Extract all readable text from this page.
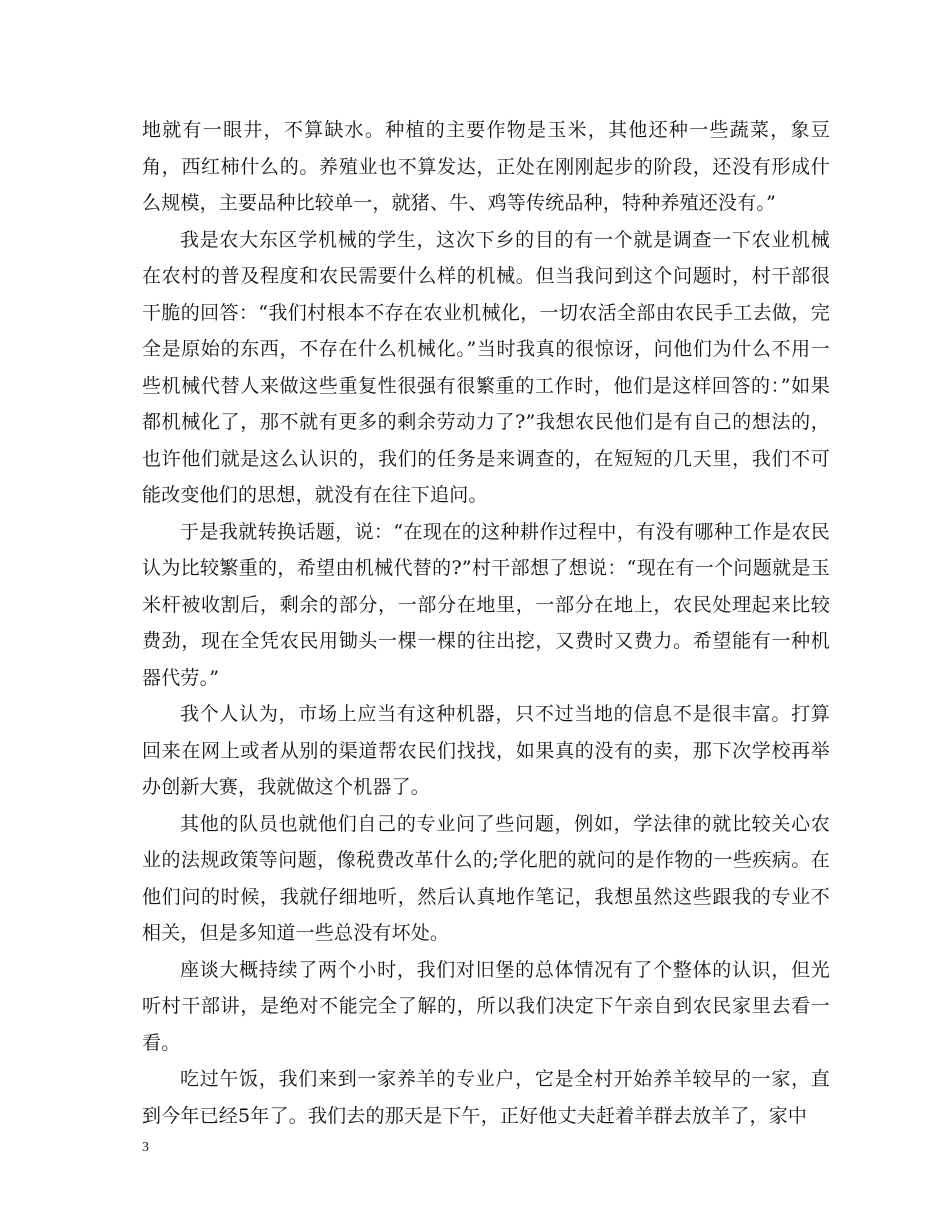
地就有一眼井，不算缺水。种植的主要作物是玉米，其他还种一些蔬菜，象豆角，西红柿什么的。养殖业也不算发达，正处在刚刚起步的阶段，还没有形成什么规模，主要品种比较单一，就猪、牛、鸡等传统品种，特种养殖还没有。”

我是农大东区学机械的学生，这次下乡的目的有一个就是调查一下农业机械在农村的普及程度和农民需要什么样的机械。但当我问到这个问题时，村干部很干脆的回答：“我们村根本不存在农业机械化，一切农活全部由农民手工去做，完全是原始的东西，不存在什么机械化。”当时我真的很惊讶，问他们为什么不用一些机械代替人来做这些重复性很强有很繁重的工作时，他们是这样回答的：”如果都机械化了，那不就有更多的剩余劳动力了?”我想农民他们是有自己的想法的，也许他们就是这么认识的，我们的任务是来调查的，在短短的几天里，我们不可能改变他们的思想，就没有在往下追问。

于是我就转换话题，说：“在现在的这种耕作过程中，有没有哪种工作是农民认为比较繁重的，希望由机械代替的?”村干部想了想说：“现在有一个问题就是玉米杆被收割后，剩余的部分，一部分在地里，一部分在地上，农民处理起来比较费劲，现在全凭农民用锄头一棵一棵的往出挖，又费时又费力。希望能有一种机器代劳。”

我个人认为，市场上应当有这种机器，只不过当地的信息不是很丰富。打算回来在网上或者从别的渠道帮农民们找找，如果真的没有的卖，那下次学校再举办创新大赛，我就做这个机器了。

其他的队员也就他们自己的专业问了些问题，例如，学法律的就比较关心农业的法规政策等问题，像税费改革什么的;学化肥的就问的是作物的一些疾病。在他们问的时候，我就仔细地听，然后认真地作笔记，我想虽然这些跟我的专业不相关，但是多知道一些总没有坏处。

座谈大概持续了两个小时，我们对旧堡的总体情况有了个整体的认识，但光听村干部讲，是绝对不能完全了解的，所以我们决定下午亲自到农民家里去看一看。

吃过午饭，我们来到一家养羊的专业户，它是全村开始养羊较早的一家，直到今年已经5年了。我们去的那天是下午，正好他丈夫赶着羊群去放羊了，家中

3
